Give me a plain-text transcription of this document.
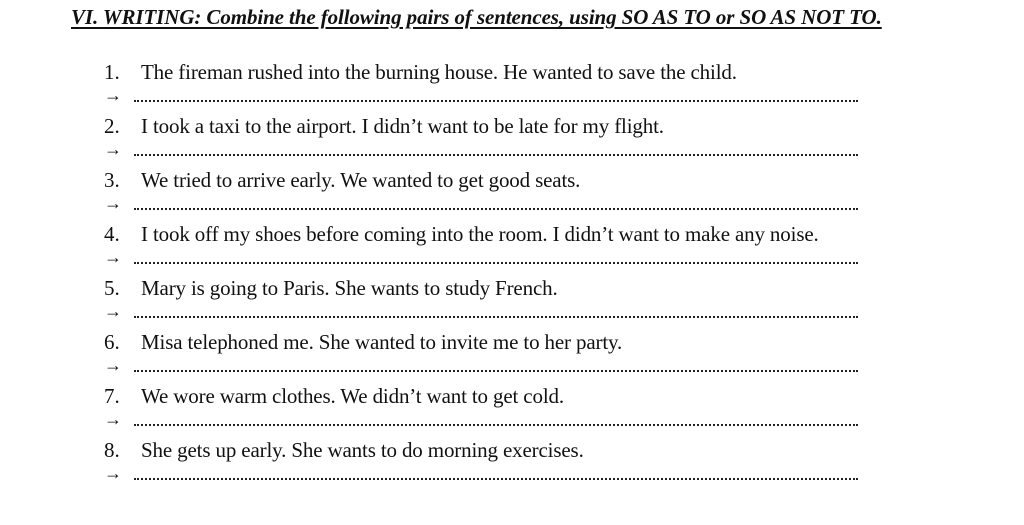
VI. WRITING: Combine the following pairs of sentences, using SO AS TO or SO AS NOT TO.
1.	The fireman rushed into the burning house. He wanted to save the child.
→
2.	I took a taxi to the airport. I didn’t want to be late for my flight.
→
3.	We tried to arrive early. We wanted to get good seats.
→
4.	I took off my shoes before coming into the room. I didn’t want to make any noise.
→
5.	Mary is going to Paris. She wants to study French.
→
6.	Misa telephoned me. She wanted to invite me to her party.
→
7.	We wore warm clothes. We didn’t want to get cold.
→
8.	She gets up early. She wants to do morning exercises.
→
